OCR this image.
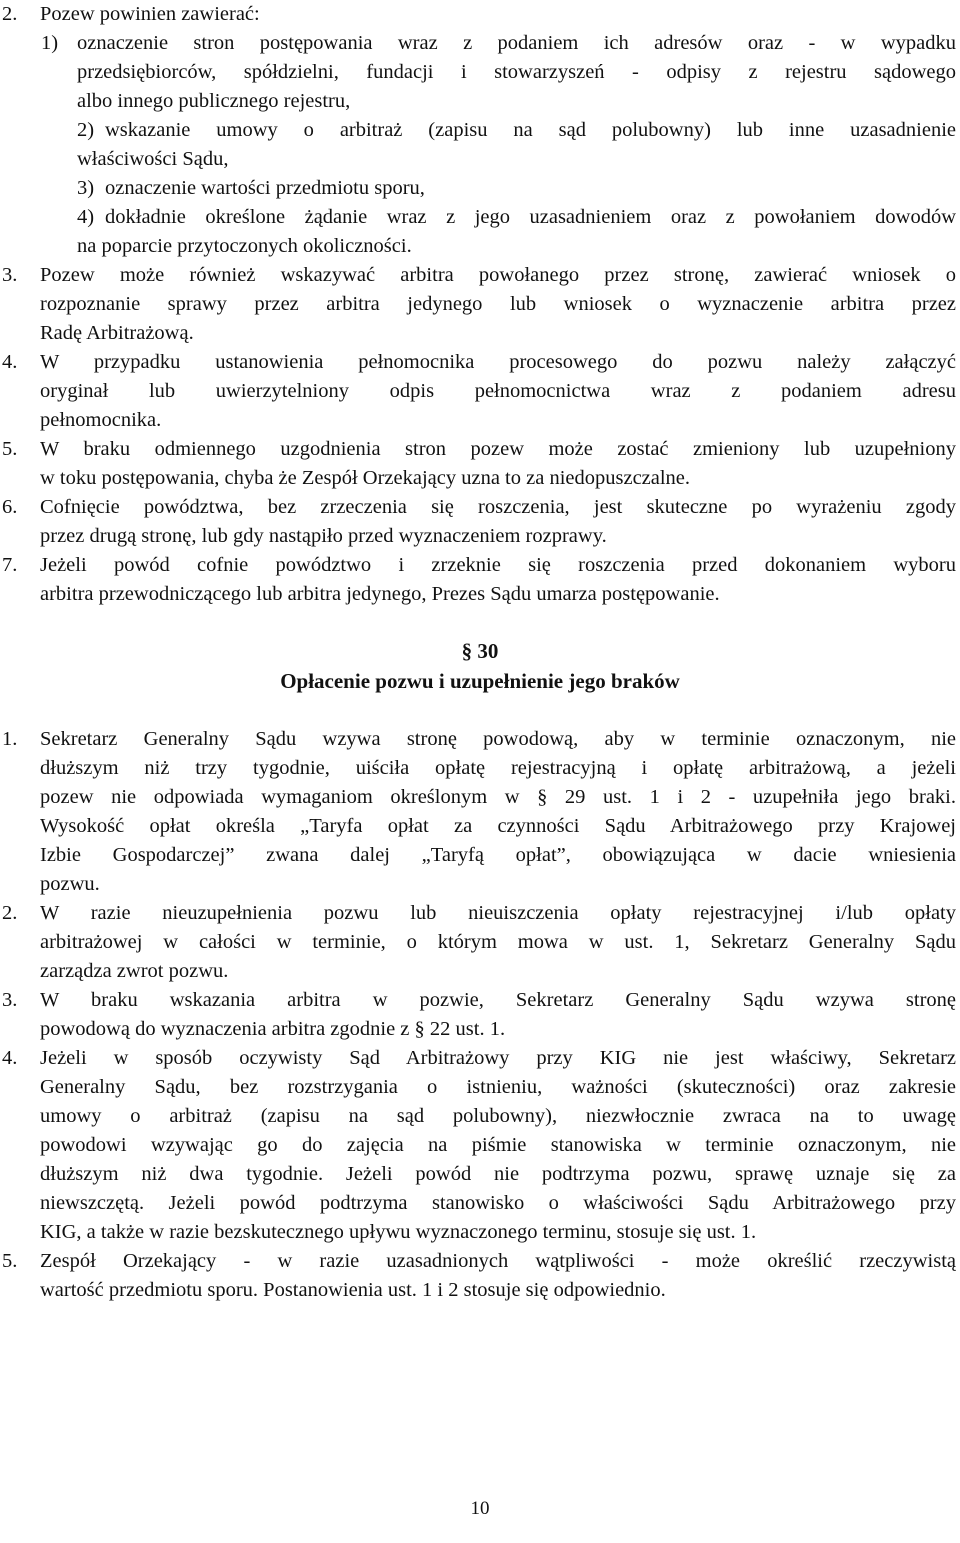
2. Pozew powinien zawierać:
1) oznaczenie stron postępowania wraz z podaniem ich adresów oraz - w wypadku
przedsiębiorców, spółdzielni, fundacji i stowarzyszeń - odpisy z rejestru sądowego
albo innego publicznego rejestru,
2) wskazanie umowy o arbitraż (zapisu na sąd polubowny) lub inne uzasadnienie
właściwości Sądu,
3) oznaczenie wartości przedmiotu sporu,
4) dokładnie określone żądanie wraz z jego uzasadnieniem oraz z powołaniem dowodów
na poparcie przytoczonych okoliczności.
3. Pozew może również wskazywać arbitra powołanego przez stronę, zawierać wniosek o
rozpoznanie sprawy przez arbitra jedynego lub wniosek o wyznaczenie arbitra przez
Radę Arbitrażową.
4. W przypadku ustanowienia pełnomocnika procesowego do pozwu należy załączyć
oryginał lub uwierzytelniony odpis pełnomocnictwa wraz z podaniem adresu
pełnomocnika.
5. W braku odmiennego uzgodnienia stron pozew może zostać zmieniony lub uzupełniony
w toku postępowania, chyba że Zespół Orzekający uzna to za niedopuszczalne.
6. Cofnięcie powództwa, bez zrzeczenia się roszczenia, jest skuteczne po wyrażeniu zgody
przez drugą stronę, lub gdy nastąpiło przed wyznaczeniem rozprawy.
7. Jeżeli powód cofnie powództwo i zrzeknie się roszczenia przed dokonaniem wyboru
arbitra przewodniczącego lub arbitra jedynego, Prezes Sądu umarza postępowanie.
§ 30
Opłacenie pozwu i uzupełnienie jego braków
1. Sekretarz Generalny Sądu wzywa stronę powodową, aby w terminie oznaczonym, nie
dłuższym niż trzy tygodnie, uiściła opłatę rejestracyjną i opłatę arbitrażową, a jeżeli
pozew nie odpowiada wymaganiom określonym w § 29 ust. 1 i 2 - uzupełniła jego braki.
Wysokość opłat określa „Taryfa opłat za czynności Sądu Arbitrażowego przy Krajowej
Izbie Gospodarczej” zwana dalej „Taryfą opłat”, obowiązująca w dacie wniesienia
pozwu.
2. W razie nieuzupełnienia pozwu lub nieuiszczenia opłaty rejestracyjnej i/lub opłaty
arbitrażowej w całości w terminie, o którym mowa w ust. 1, Sekretarz Generalny Sądu
zarządza zwrot pozwu.
3. W braku wskazania arbitra w pozwie, Sekretarz Generalny Sądu wzywa stronę
powodową do wyznaczenia arbitra zgodnie z § 22 ust. 1.
4. Jeżeli w sposób oczywisty Sąd Arbitrażowy przy KIG nie jest właściwy, Sekretarz
Generalny Sądu, bez rozstrzygania o istnieniu, ważności (skuteczności) oraz zakresie
umowy o arbitraż (zapisu na sąd polubowny), niezwłocznie zwraca na to uwagę
powodowi wzywając go do zajęcia na piśmie stanowiska w terminie oznaczonym, nie
dłuższym niż dwa tygodnie. Jeżeli powód nie podtrzyma pozwu, sprawę uznaje się za
niewszczętą. Jeżeli powód podtrzyma stanowisko o właściwości Sądu Arbitrażowego przy
KIG, a także w razie bezskutecznego upływu wyznaczonego terminu, stosuje się ust. 1.
5. Zespół Orzekający - w razie uzasadnionych wątpliwości - może określić rzeczywistą
wartość przedmiotu sporu. Postanowienia ust. 1 i 2 stosuje się odpowiednio.
10
